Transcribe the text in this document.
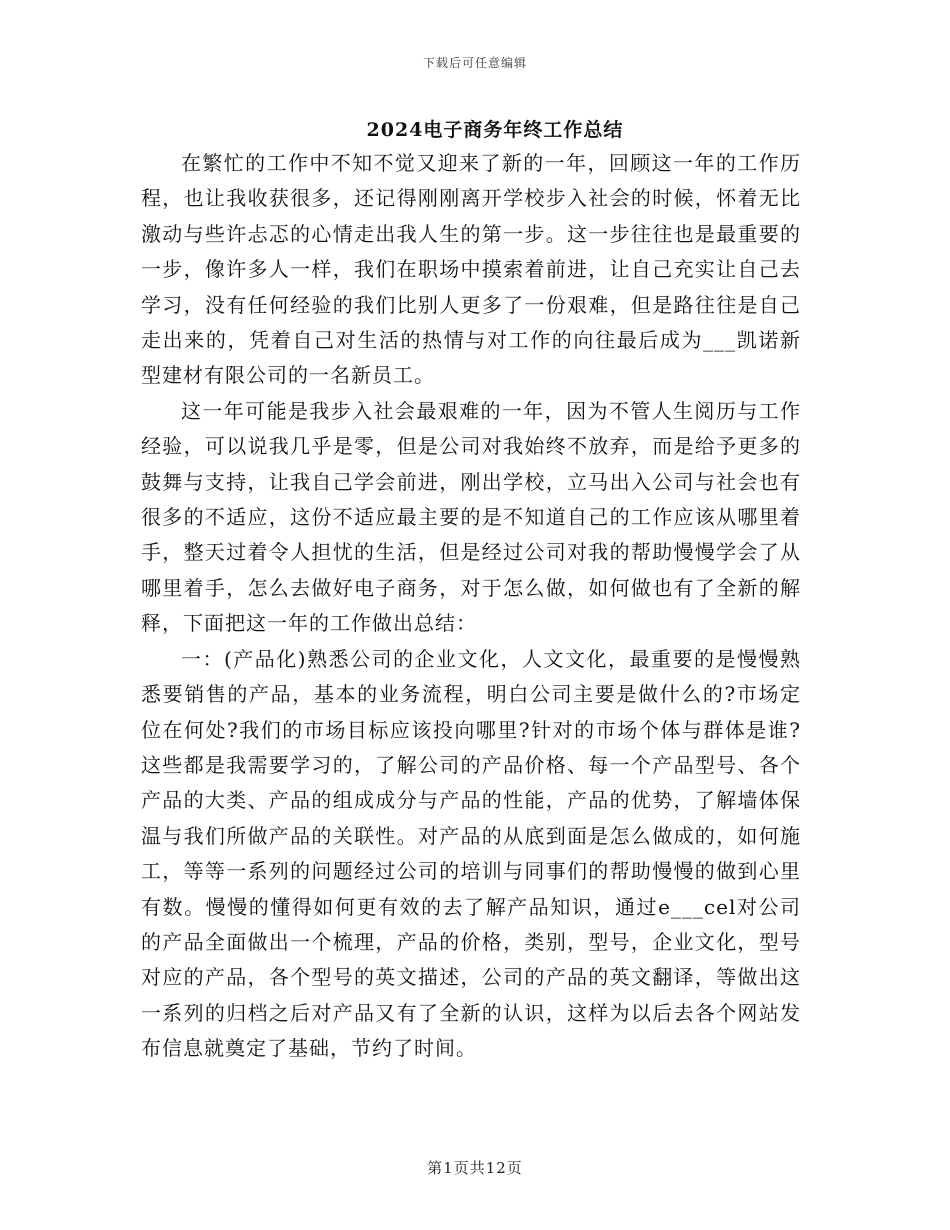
下载后可任意编辑
2024电子商务年终工作总结

在繁忙的工作中不知不觉又迎来了新的一年，回顾这一年的工作历程，也让我收获很多，还记得刚刚离开学校步入社会的时候，怀着无比激动与些许忐忑的心情走出我人生的第一步。这一步往往也是最重要的一步，像许多人一样，我们在职场中摸索着前进，让自己充实让自己去学习，没有任何经验的我们比别人更多了一份艰难，但是路往往是自己走出来的，凭着自己对生活的热情与对工作的向往最后成为___凯诺新型建材有限公司的一名新员工。

这一年可能是我步入社会最艰难的一年，因为不管人生阅历与工作经验，可以说我几乎是零，但是公司对我始终不放弃，而是给予更多的鼓舞与支持，让我自己学会前进，刚出学校，立马出入公司与社会也有很多的不适应，这份不适应最主要的是不知道自己的工作应该从哪里着手，整天过着令人担忧的生活，但是经过公司对我的帮助慢慢学会了从哪里着手，怎么去做好电子商务，对于怎么做，如何做也有了全新的解释，下面把这一年的工作做出总结：

一：(产品化)熟悉公司的企业文化，人文文化，最重要的是慢慢熟悉要销售的产品，基本的业务流程，明白公司主要是做什么的?市场定位在何处?我们的市场目标应该投向哪里?针对的市场个体与群体是谁?这些都是我需要学习的，了解公司的产品价格、每一个产品型号、各个产品的大类、产品的组成成分与产品的性能，产品的优势，了解墙体保温与我们所做产品的关联性。对产品的从底到面是怎么做成的，如何施工，等等一系列的问题经过公司的培训与同事们的帮助慢慢的做到心里有数。慢慢的懂得如何更有效的去了解产品知识，通过e___cel对公司的产品全面做出一个梳理，产品的价格，类别，型号，企业文化，型号对应的产品，各个型号的英文描述，公司的产品的英文翻译，等做出这一系列的归档之后对产品又有了全新的认识，这样为以后去各个网站发布信息就奠定了基础，节约了时间。

第1页共12页
